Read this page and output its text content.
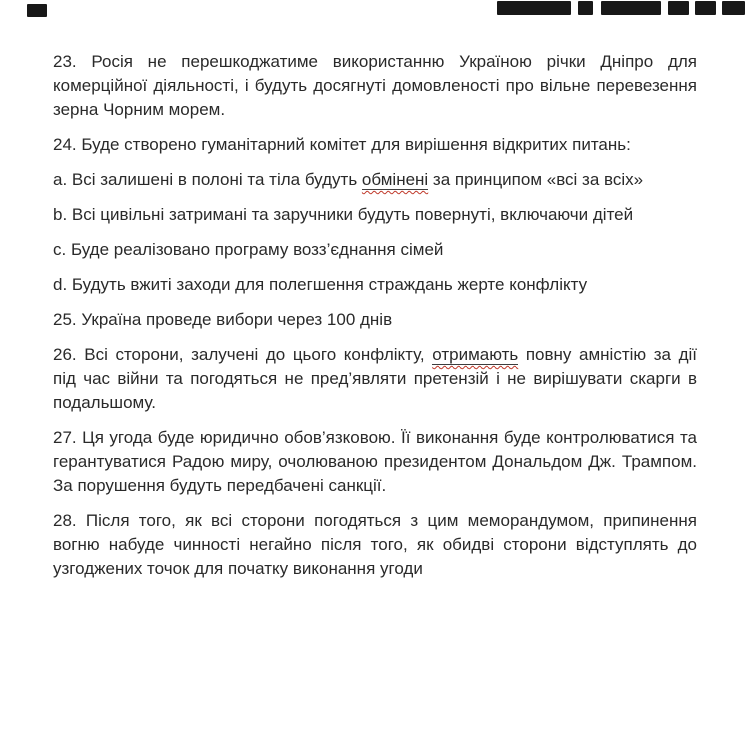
23. Росія не перешкоджатиме використанню Україною річки Дніпро для
комерційної діяльності, і будуть досягнуті домовленості про вільне перевезення
зерна Чорним морем.
24. Буде створено гуманітарний комітет для вирішення відкритих питань:
a. Всі залишені в полоні та тіла будуть обмінені за принципом «всі за всіх»
b. Всі цивільні затримані та заручники будуть повернуті, включаючи дітей
c. Буде реалізовано програму возз’єднання сімей
d. Будуть вжиті заходи для полегшення страждань жерте конфлікту
25. Україна проведе вибори через 100 днів
26. Всі сторони, залучені до цього конфлікту, отримають повну амністію за дії
під час війни та погодяться не пред’являти претензій і не вирішувати скарги в
подальшому.
27. Ця угода буде юридично обов’язковою. Її виконання буде контролюватися та
герантуватися Радою миру, очолюваною президентом Дональдом Дж. Трампом.
За порушення будуть передбачені санкції.
28. Після того, як всі сторони погодяться з цим меморандумом, припинення
вогню набуде чинності негайно після того, як обидві сторони відступлять до
узгоджених точок для початку виконання угоди
